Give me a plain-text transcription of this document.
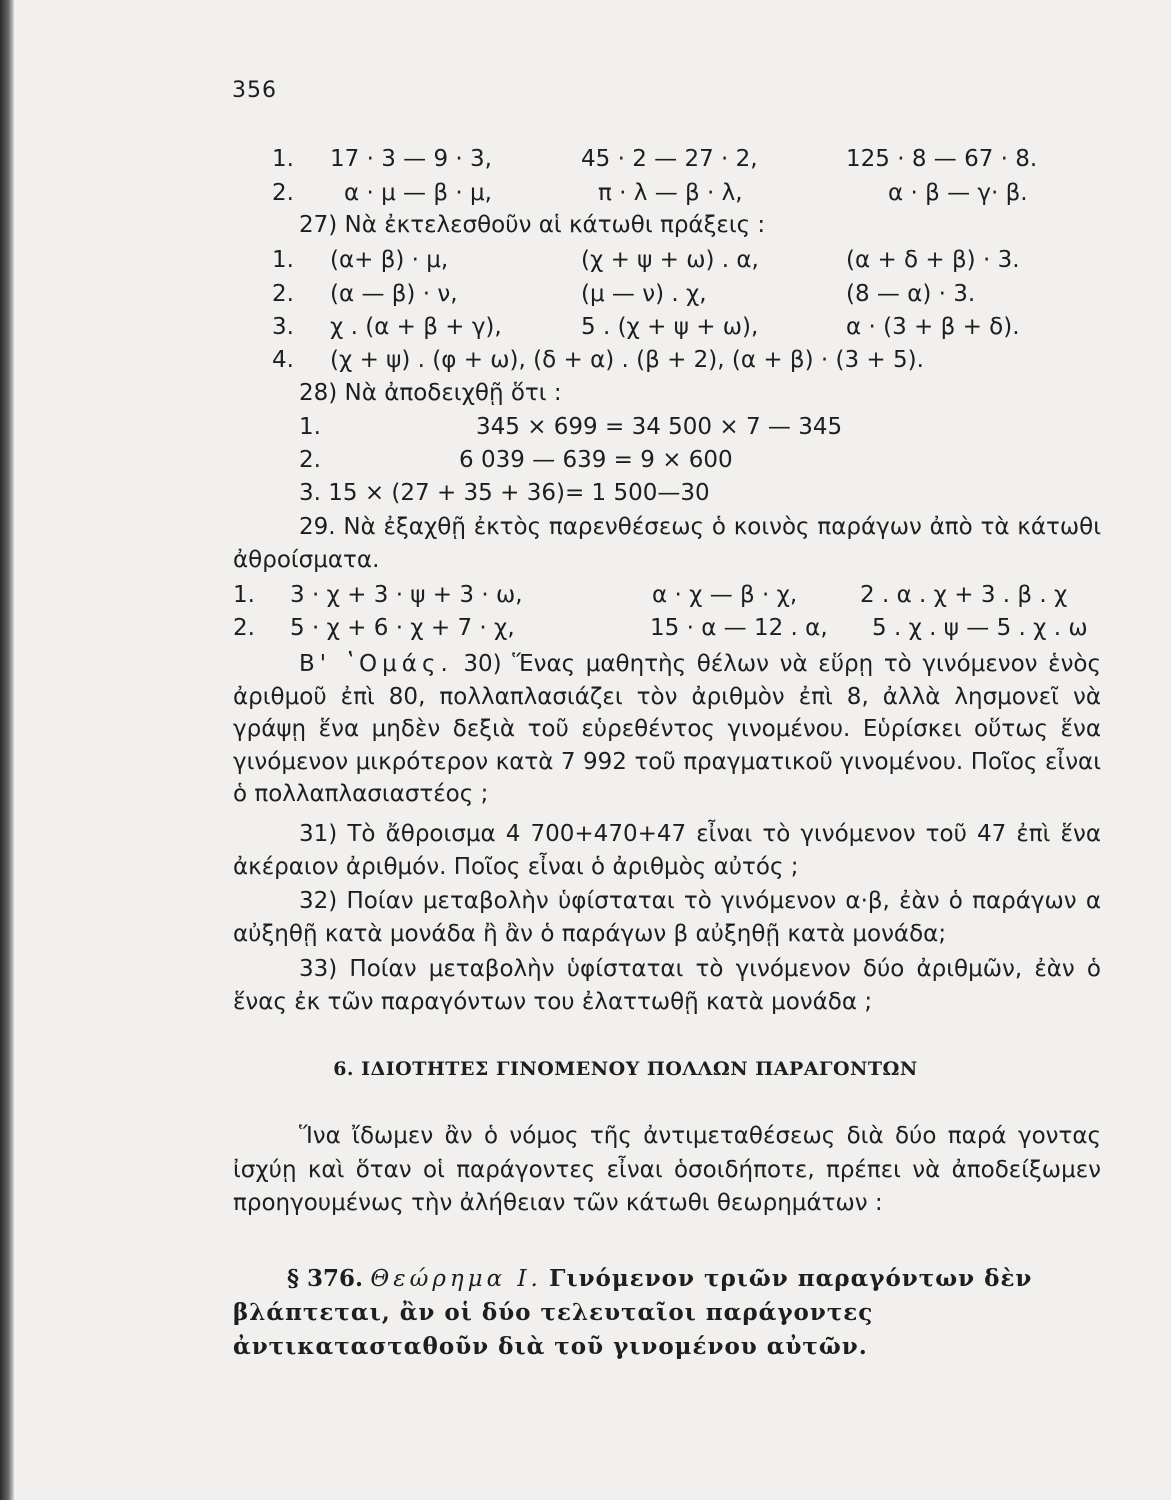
356
1. 17 · 3 — 9 · 3,	45 · 2 — 27 · 2,	125 · 8 — 67 · 8.
2. α · μ — β · μ,	π · λ — β · λ,	α · β — γ· β.
27) Νὰ ἐκτελεσθοῦν αἱ κάτωθι πράξεις :
1. (α+ β) · μ,	(χ + ψ + ω) . α,	(α + δ + β) · 3.
2. (α — β) · ν,	(μ — ν) . χ,	(8 — α) · 3.
3. χ . (α + β + γ),	5 . (χ + ψ + ω),	α · (3 + β + δ).
4. (χ + ψ) . (φ + ω), (δ + α) . (β + 2), (α + β) · (3 + 5).
28) Νὰ ἀποδειχθῇ ὅτι :
1.	345 × 699 = 34 500 × 7 — 345
2.	6 039 — 639 = 9 × 600
3. 15 × (27 + 35 + 36)= 1 500—30
29. Νὰ ἐξαχθῇ ἐκτὸς παρενθέσεως ὁ κοινὸς παράγων ἀπὸ τὰ κάτωθι ἀθροίσματα.
1. 3 · χ + 3 · ψ + 3 · ω,	α · χ — β · χ,	2 . α . χ + 3 . β . χ
2. 5 · χ + 6 · χ + 7 · χ,	15 · α — 12 . α, 5 . χ . ψ — 5 . χ . ω
Β' ʽΟμάς. 30) Ἕνας μαθητὴς θέλων νὰ εὕρῃ τὸ γινόμενον ἑνὸς ἀριθμοῦ ἐπὶ 80, πολλαπλασιάζει τὸν ἀριθμὸν ἐπὶ 8, ἀλλὰ λησμονεῖ νὰ γράψῃ ἕνα μηδὲν δεξιὰ τοῦ εὑρεθέντος γινομένου. Εὑρίσκει οὕτως ἕνα γινόμενον μικρότερον κατὰ 7 992 τοῦ πραγματικοῦ γινομένου. Ποῖος εἶναι ὁ πολλαπλασιαστέος ;
31) Τὸ ἄθροισμα 4 700+470+47 εἶναι τὸ γινόμενον τοῦ 47 ἐπὶ ἕνα ἀκέραιον ἀριθμόν. Ποῖος εἶναι ὁ ἀριθμὸς αὐτός ;
32) Ποίαν μεταβολὴν ὑφίσταται τὸ γινόμενον α·β, ἐὰν ὁ παράγων α αὐξηθῇ κατὰ μονάδα ἢ ἂν ὁ παράγων β αὐξηθῇ κατὰ μονάδα;
33) Ποίαν μεταβολὴν ὑφίσταται τὸ γινόμενον δύο ἀριθμῶν, ἐὰν ὁ ἕνας ἐκ τῶν παραγόντων του ἐλαττωθῇ κατὰ μονάδα ;
6. ΙΔΙΟΤΗΤΕΣ ΓΙΝΟΜΕΝΟΥ ΠΟΛΛΩΝ ΠΑΡΑΓΟΝΤΩΝ
Ἵνα ἴδωμεν ἂν ὁ νόμος τῆς ἀντιμεταθέσεως διὰ δύο παρά γοντας ἰσχύῃ καὶ ὅταν οἱ παράγοντες εἶναι ὁσοιδήποτε, πρέπει νὰ ἀποδείξωμεν προηγουμένως τὴν ἀλήθειαν τῶν κάτωθι θεωρημάτων :
§ 376. Θεώρημα Ι. Γινόμενον τριῶν παραγόντων δὲν
βλάπτεται, ἂν οἱ δύο τελευταῖοι παράγοντες ἀντικατασταθοῦν διὰ τοῦ γινομένου αὐτῶν.
